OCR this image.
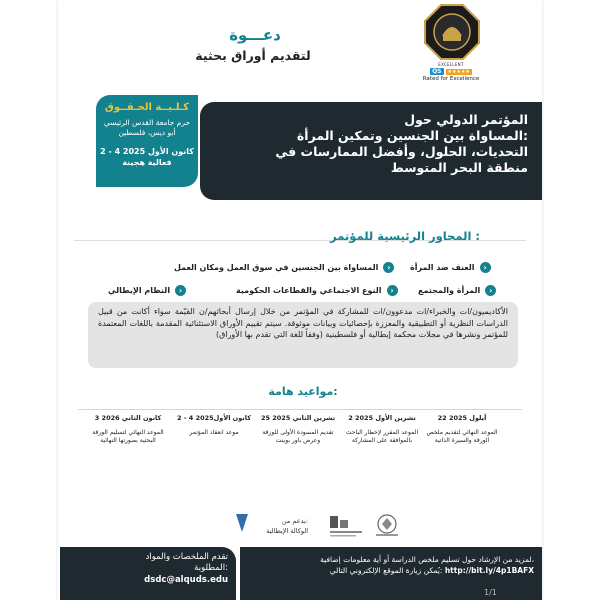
EXCELLENT
QS	★★★★★
Rated for Excellence
دعـــوة
لتقديم أوراق بحثية
كـلـيــة الحـقــوق
حرم جامعة القدس الرئيسي
أبو ديس، فلسطين
2 - 4 كانون الأول 2025
فعالية هجينة
المؤتمر الدولي حول
المساواة بين الجنسين وتمكين المرأة:
التحديات، الحلول، وأفضل الممارسات في
منطقة البحر المتوسط
المحاور الرئيسية للمؤتمر :
›
العنف ضد المرأة
›
المساواة بين الجنسين في سوق العمل ومكان العمل
›
المرأة والمجتمع
›
النوع الاجتماعي والقطاعات الحكومية
›
النظام الإيطالي
الأكاديميون/ات والخبراء/ات مدعوون/ات للمشاركة في المؤتمر من خلال إرسال أبحاثهم/ن القيّمة سواء أكانت من قبيل الدراسات النظرية أو التطبيقية والمعززة بإحصائيات وبيانات موثوقة. سيتم تقييم الأوراق الاستئنائية المقدمة باللغات المعتمدة للمؤتمر ونشرها في مجلات محكمة إيطالية أو فلسطينية (وفقاً للغة التي تقدم بها الأوراق)
مواعيد هامة:
22 أيلول 2025
الموعد النهائي لتقديم ملخص الورقة والسيرة الذاتية
2 تشرين الأول 2025
الموعد المقرر لإخطار الباحث بالموافقة على المشاركة
25 تشرين الثاني 2025
تقديم المسودة الأولى للورقة وعرض باور بوينت
2 - 4 كانون الأول2025
موعد انعقاد المؤتمر
3 كانون الثاني 2026
الموعد النهائي لتسليم الورقة البحثية بصورتها النهائية
بدعم من:
الوكالة الإيطالية
تقدم الملخصات والمواد
المطلوبة:
dsdc@alquds.edu
لمزيد من الإرشاد حول تسليم ملخص الدراسة أو أية معلومات إضافية،
يُمكن زيارة الموقع الإلكتروني التالي: http://bit.ly/4p1BAFX
1/1
